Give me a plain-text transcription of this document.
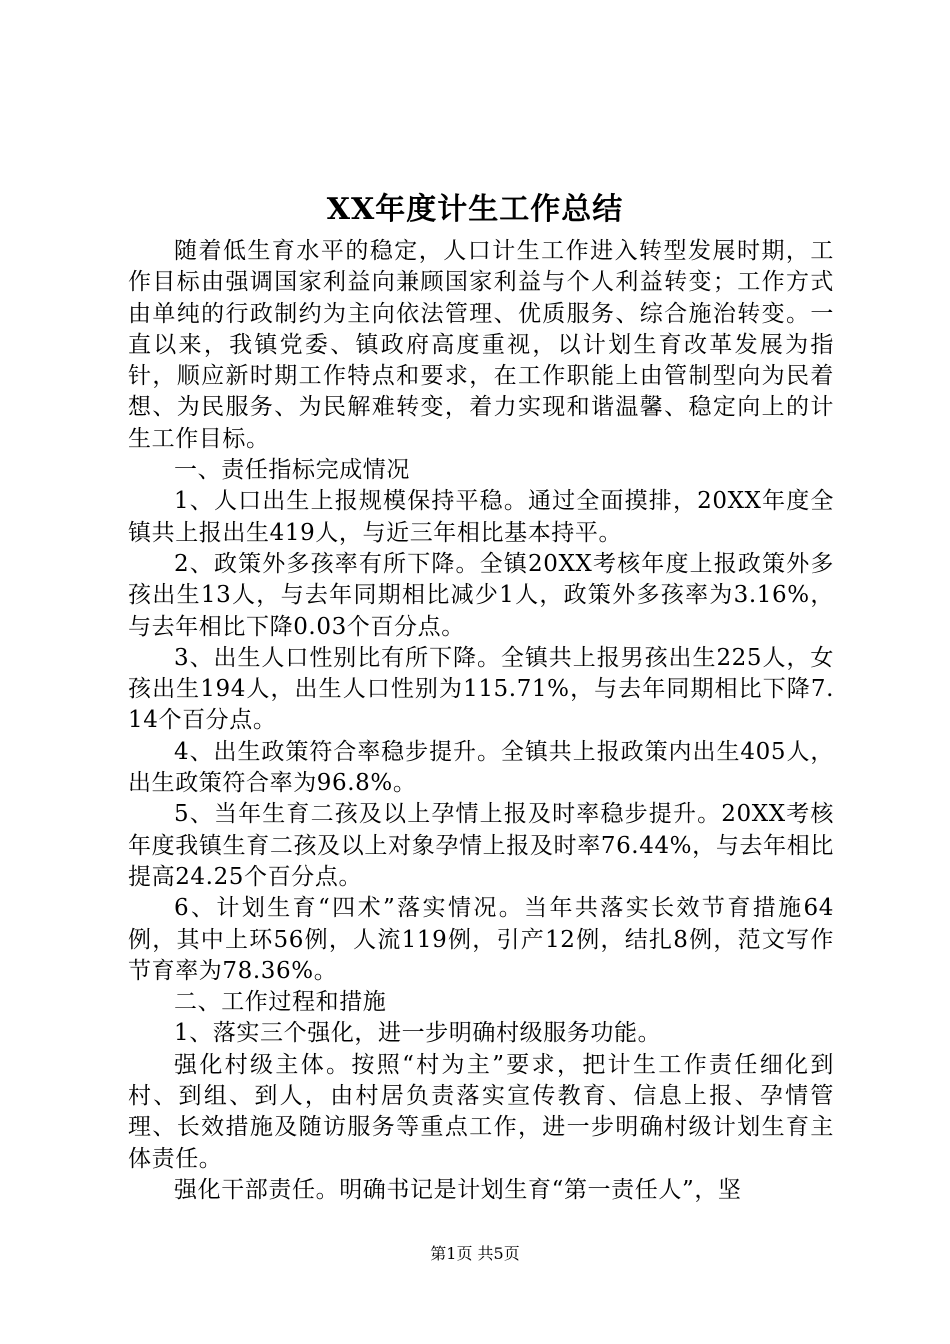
XX年度计生工作总结

随着低生育水平的稳定，人口计生工作进入转型发展时期，工作目标由强调国家利益向兼顾国家利益与个人利益转变；工作方式由单纯的行政制约为主向依法管理、优质服务、综合施治转变。一直以来，我镇党委、镇政府高度重视，以计划生育改革发展为指针，顺应新时期工作特点和要求，在工作职能上由管制型向为民着想、为民服务、为民解难转变，着力实现和谐温馨、稳定向上的计生工作目标。

一、责任指标完成情况

1、人口出生上报规模保持平稳。通过全面摸排，20XX年度全镇共上报出生419人，与近三年相比基本持平。

2、政策外多孩率有所下降。全镇20XX考核年度上报政策外多孩出生13人，与去年同期相比减少1人，政策外多孩率为3.16%，与去年相比下降0.03个百分点。

3、出生人口性别比有所下降。全镇共上报男孩出生225人，女孩出生194人，出生人口性别为115.71%，与去年同期相比下降7.14个百分点。

4、出生政策符合率稳步提升。全镇共上报政策内出生405人，出生政策符合率为96.8%。

5、当年生育二孩及以上孕情上报及时率稳步提升。20XX考核年度我镇生育二孩及以上对象孕情上报及时率76.44%，与去年相比提高24.25个百分点。

6、计划生育“四术”落实情况。当年共落实长效节育措施64例，其中上环56例，人流119例，引产12例，结扎8例，范文写作节育率为78.36%。

二、工作过程和措施

1、落实三个强化，进一步明确村级服务功能。

强化村级主体。按照“村为主”要求，把计生工作责任细化到村、到组、到人，由村居负责落实宣传教育、信息上报、孕情管理、长效措施及随访服务等重点工作，进一步明确村级计划生育主体责任。

强化干部责任。明确书记是计划生育“第一责任人”，坚

第1页 共5页
